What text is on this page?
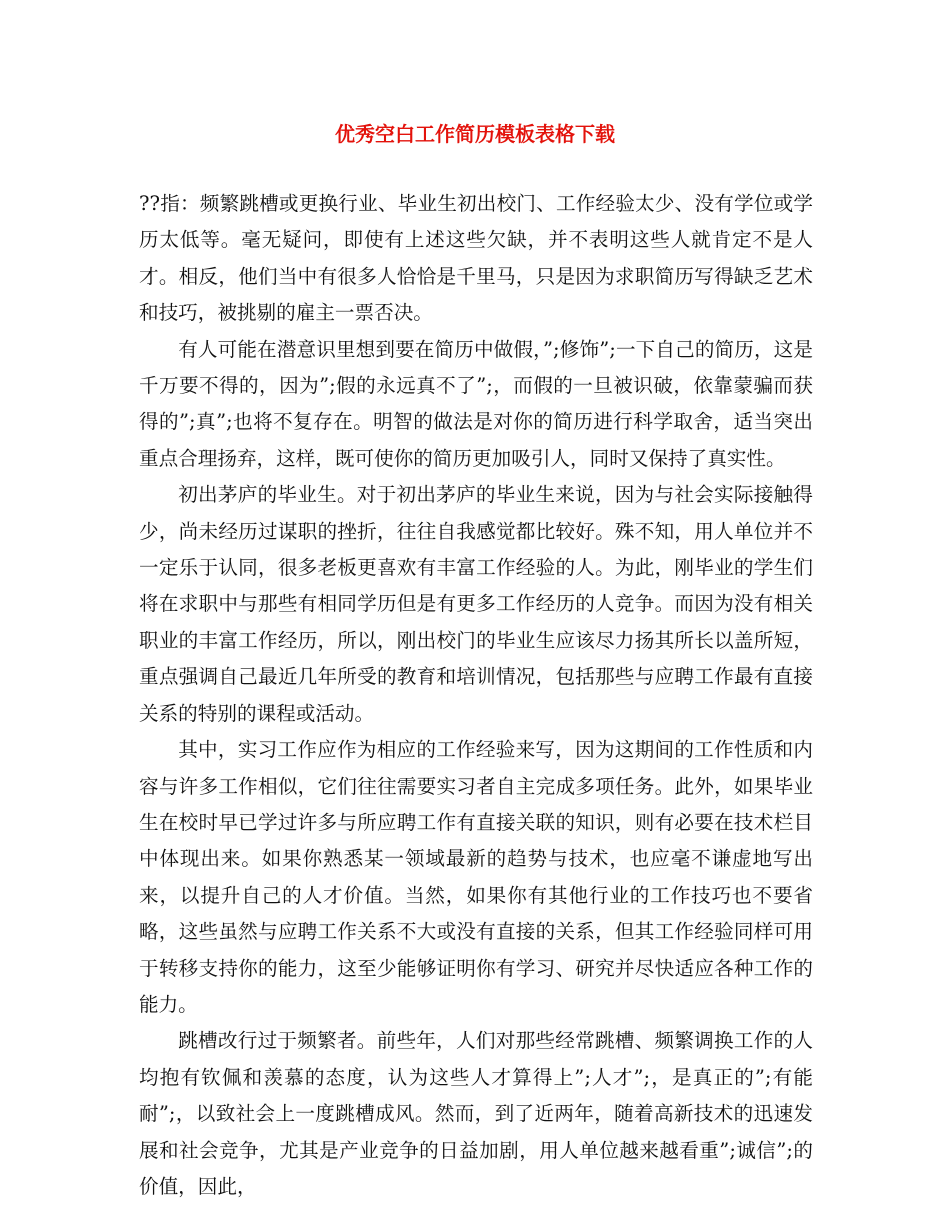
优秀空白工作简历模板表格下载

??指：频繁跳槽或更换行业、毕业生初出校门、工作经验太少、没有学位或学历太低等。毫无疑问，即使有上述这些欠缺，并不表明这些人就肯定不是人才。相反，他们当中有很多人恰恰是千里马，只是因为求职简历写得缺乏艺术和技巧，被挑剔的雇主一票否决。

有人可能在潜意识里想到要在简历中做假，”;修饰”;一下自己的简历，这是千万要不得的，因为”;假的永远真不了”;，而假的一旦被识破，依靠蒙骗而获得的”;真”;也将不复存在。明智的做法是对你的简历进行科学取舍，适当突出重点合理扬弃，这样，既可使你的简历更加吸引人，同时又保持了真实性。

初出茅庐的毕业生。对于初出茅庐的毕业生来说，因为与社会实际接触得少，尚未经历过谋职的挫折，往往自我感觉都比较好。殊不知，用人单位并不一定乐于认同，很多老板更喜欢有丰富工作经验的人。为此，刚毕业的学生们将在求职中与那些有相同学历但是有更多工作经历的人竞争。而因为没有相关职业的丰富工作经历，所以，刚出校门的毕业生应该尽力扬其所长以盖所短，重点强调自己最近几年所受的教育和培训情况，包括那些与应聘工作最有直接关系的特别的课程或活动。

其中，实习工作应作为相应的工作经验来写，因为这期间的工作性质和内容与许多工作相似，它们往往需要实习者自主完成多项任务。此外，如果毕业生在校时早已学过许多与所应聘工作有直接关联的知识，则有必要在技术栏目中体现出来。如果你熟悉某一领域最新的趋势与技术，也应毫不谦虚地写出来，以提升自己的人才价值。当然，如果你有其他行业的工作技巧也不要省略，这些虽然与应聘工作关系不大或没有直接的关系，但其工作经验同样可用于转移支持你的能力，这至少能够证明你有学习、研究并尽快适应各种工作的能力。

跳槽改行过于频繁者。前些年，人们对那些经常跳槽、频繁调换工作的人均抱有钦佩和羡慕的态度，认为这些人才算得上”;人才”;，是真正的”;有能耐”;，以致社会上一度跳槽成风。然而，到了近两年，随着高新技术的迅速发展和社会竞争，尤其是产业竞争的日益加剧，用人单位越来越看重”;诚信”;的价值，因此，
